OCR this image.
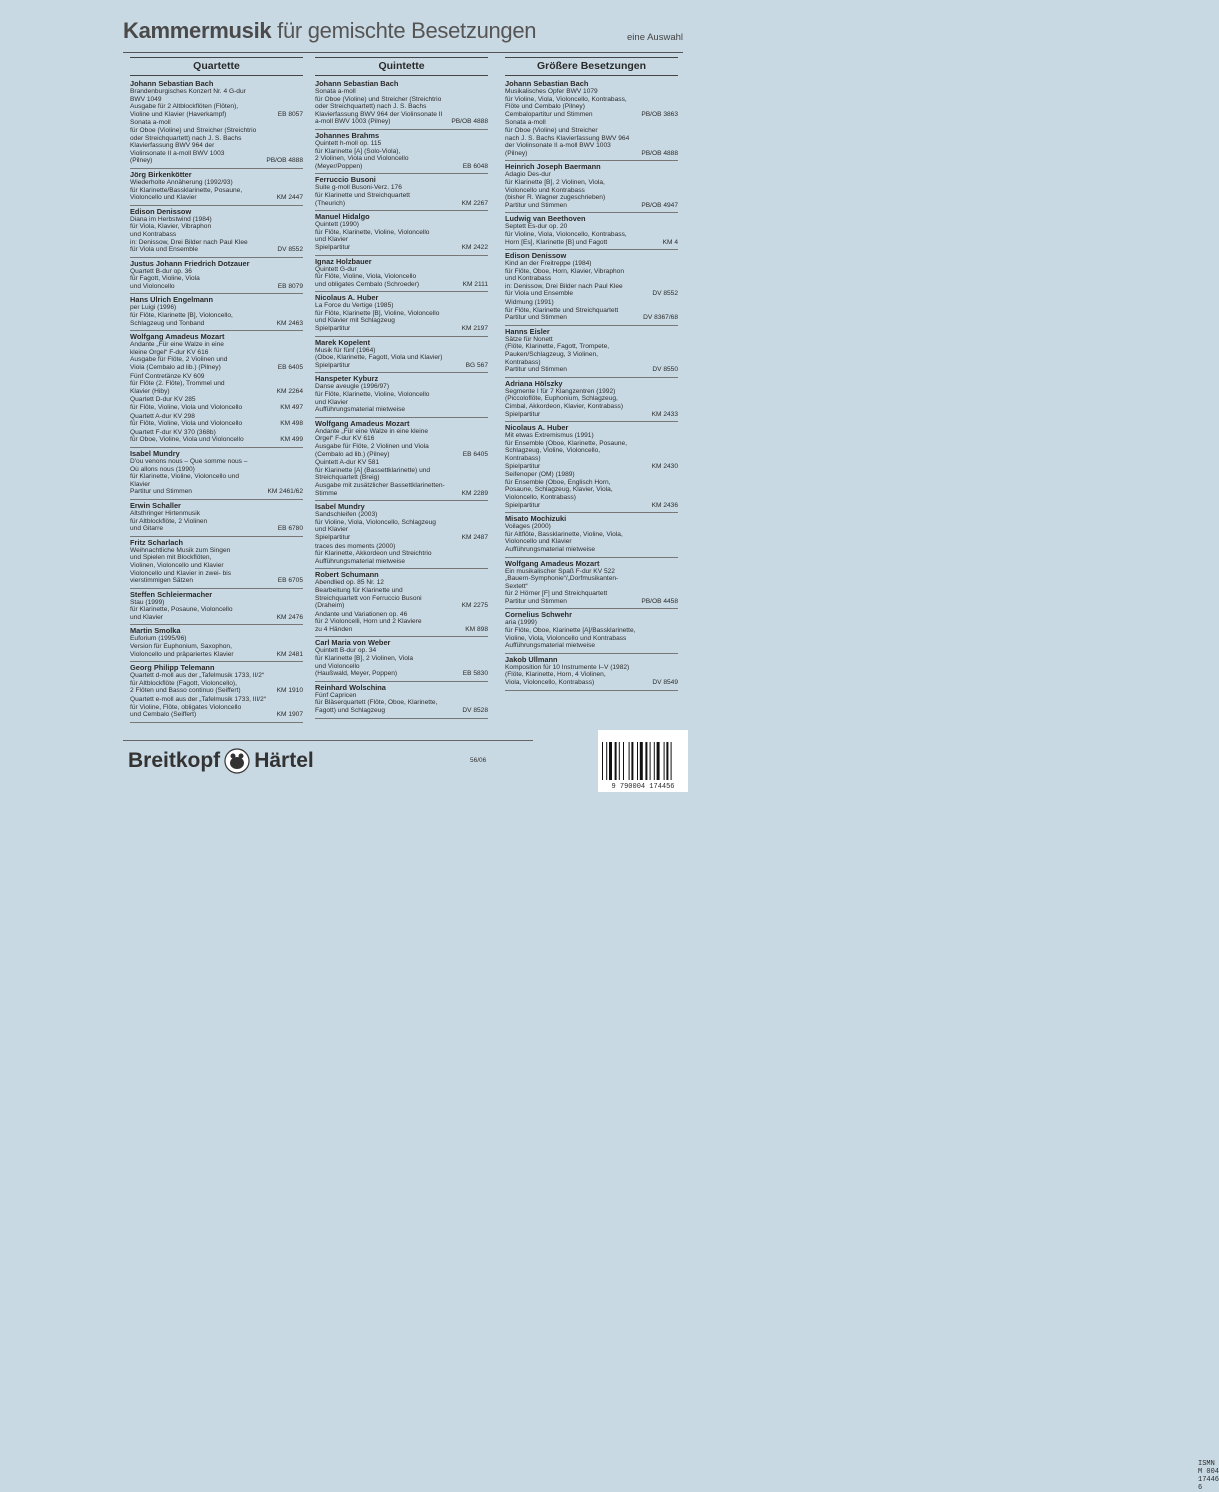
Kammermusik für gemischte Besetzungen	eine Auswahl
Quartette
Johann Sebastian Bach
Brandenburgisches Konzert Nr. 4 G-dur
BWV 1049
Ausgabe für 2 Altblockflöten (Flöten),
Violine und Klavier (Haverkampf)	EB 8057
Sonata a-moll
für Oboe (Violine) und Streicher (Streichtrio
oder Streichquartett) nach J. S. Bachs
Klavierfassung BWV 964 der
Violinsonate II a-moll BWV 1003
(Pilney)	PB/OB 4888
Jörg Birkenkötter
Wiederholte Annäherung (1992/93)
für Klarinette/Bassklarinette, Posaune,
Violoncello und Klavier	KM 2447
Edison Denissow
Diana im Herbstwind (1984)
für Viola, Klavier, Vibraphon
und Kontrabass
in: Denissow, Drei Bilder nach Paul Klee
für Viola und Ensemble	DV 8552
Justus Johann Friedrich Dotzauer
Quartett B-dur op. 36
für Fagott, Violine, Viola
und Violoncello	EB 8079
Hans Ulrich Engelmann
per Luigi (1996)
für Flöte, Klarinette [B], Violoncello,
Schlagzeug und Tonband	KM 2463
Wolfgang Amadeus Mozart
Andante „Für eine Walze in eine
kleine Orgel“ F-dur KV 616
Ausgabe für Flöte, 2 Violinen und
Viola (Cembalo ad lib.) (Pilney)	EB 6405
Fünf Contretänze KV 609
für Flöte (2. Flöte), Trommel und
Klavier (Hiby)	KM 2264
Quartett D-dur KV 285
für Flöte, Violine, Viola und Violoncello	KM 497
Quartett A-dur KV 298
für Flöte, Violine, Viola und Violoncello	KM 498
Quartett F-dur KV 370 (368b)
für Oboe, Violine, Viola und Violoncello	KM 499
Isabel Mundry
D'ou venons nous – Que somme nous –
Où allons nous (1990)
für Klarinette, Violine, Violoncello und
Klavier
Partitur und Stimmen	KM 2461/62
Erwin Schaller
Altsthringer Hirtenmusik
für Altblockflöte, 2 Violinen
und Gitarre	EB 6780
Fritz Scharlach
Weihnachtliche Musik zum Singen
und Spielen mit Blockflöten,
Violinen, Violoncello und Klavier
Violoncello und Klavier in zwei- bis
vierstimmigen Sätzen	EB 6705
Steffen Schleiermacher
Stau (1999)
für Klarinette, Posaune, Violoncello
und Klavier	KM 2476
Martin Smolka
Euforium (1995/96)
Version für Euphonium, Saxophon,
Violoncello und präpariertes Klavier	KM 2481
Georg Philipp Telemann
Quartett d-moll aus der „Tafelmusik 1733, II/2“
für Altblockflöte (Fagott, Violoncello),
2 Flöten und Basso continuo (Seiffert)	KM 1910
Quartett e-moll aus der „Tafelmusik 1733, III/2“
für Violine, Flöte, obligates Violoncello
und Cembalo (Seiffert)	KM 1907
Quintette
Johann Sebastian Bach
Sonata a-moll
für Oboe (Violine) und Streicher (Streichtrio
oder Streichquartett) nach J. S. Bachs
Klavierfassung BWV 964 der Violinsonate II
a-moll BWV 1003 (Pilney)	PB/OB 4888
Johannes Brahms
Quintett h-moll op. 115
für Klarinette [A] (Solo-Viola),
2 Violinen, Viola und Violoncello
(Meyer/Poppen)	EB 6048
Ferruccio Busoni
Suite g-moll Busoni-Verz. 176
für Klarinette und Streichquartett
(Theurich)	KM 2267
Manuel Hidalgo
Quintett (1990)
für Flöte, Klarinette, Violine, Violoncello
und Klavier
Spielpartitur	KM 2422
Ignaz Holzbauer
Quintett G-dur
für Flöte, Violine, Viola, Violoncello
und obligates Cembalo (Schroeder)	KM 2111
Nicolaus A. Huber
La Force du Vertige (1985)
für Flöte, Klarinette [B], Violine, Violoncello
und Klavier mit Schlagzeug
Spielpartitur	KM 2197
Marek Kopelent
Musik für fünf (1964)
(Oboe, Klarinette, Fagott, Viola und Klavier)
Spielpartitur	BG 567
Hanspeter Kyburz
Danse aveugle (1996/97)
für Flöte, Klarinette, Violine, Violoncello
und Klavier
Aufführungsmaterial mietweise
Wolfgang Amadeus Mozart
Andante „Für eine Walze in eine kleine
Orgel“ F-dur KV 616
Ausgabe für Flöte, 2 Violinen und Viola
(Cembalo ad lib.) (Pilney)	EB 6405
Quintett A-dur KV 581
für Klarinette [A] (Bassettklarinette) und
Streichquartett (Breig)
Ausgabe mit zusätzlicher Bassettklarinetten-
Stimme	KM 2289
Isabel Mundry
Sandschleifen (2003)
für Violine, Viola, Violoncello, Schlagzeug
und Klavier
Spielpartitur	KM 2487
traces des moments (2000)
für Klarinette, Akkordeon und Streichtrio
Aufführungsmaterial mietweise
Robert Schumann
Abendlied op. 85 Nr. 12
Bearbeitung für Klarinette und
Streichquartett von Ferruccio Busoni
(Draheim)	KM 2275
Andante und Variationen op. 46
für 2 Violoncelli, Horn und 2 Klaviere
zu 4 Händen	KM 898
Carl Maria von Weber
Quintett B-dur op. 34
für Klarinette [B], 2 Violinen, Viola
und Violoncello
(Haußwald, Meyer, Poppen)	EB 5830
Reinhard Wolschina
Fünf Capricen
für Bläserquartett (Flöte, Oboe, Klarinette,
Fagott) und Schlagzeug	DV 8528
Größere Besetzungen
Johann Sebastian Bach
Musikalisches Opfer BWV 1079
für Violine, Viola, Violoncello, Kontrabass,
Flöte und Cembalo (Pilney)
Cembalopartitur und Stimmen	PB/OB 3863
Sonata a-moll
für Oboe (Violine) und Streicher
nach J. S. Bachs Klavierfassung BWV 964
der Violinsonate II a-moll BWV 1003
(Pilney)	PB/OB 4888
Heinrich Joseph Baermann
Adagio Des-dur
für Klarinette [B], 2 Violinen, Viola,
Violoncello und Kontrabass
(bisher R. Wagner zugeschrieben)
Partitur und Stimmen	PB/OB 4947
Ludwig van Beethoven
Septett Es-dur op. 20
für Violine, Viola, Violoncello, Kontrabass,
Horn [Es], Klarinette [B] und Fagott	KM 4
Edison Denissow
Kind an der Freitreppe (1984)
für Flöte, Oboe, Horn, Klavier, Vibraphon
und Kontrabass
in: Denissow, Drei Bilder nach Paul Klee
für Viola und Ensemble	DV 8552
Widmung (1991)
für Flöte, Klarinette und Streichquartett
Partitur und Stimmen	DV 8367/68
Hanns Eisler
Sätze für Nonett
(Flöte, Klarinette, Fagott, Trompete,
Pauken/Schlagzeug, 3 Violinen,
Kontrabass)
Partitur und Stimmen	DV 8550
Adriana Hölszky
Segmente I für 7 Klangzentren (1992)
(Piccoloflöte, Euphonium, Schlagzeug,
Cimbal, Akkordeon, Klavier, Kontrabass)
Spielpartitur	KM 2433
Nicolaus A. Huber
Mit etwas Extremismus (1991)
für Ensemble (Oboe, Klarinette, Posaune,
Schlagzeug, Violine, Violoncello,
Kontrabass)
Spielpartitur	KM 2430
Seifenoper (OM) (1989)
für Ensemble (Oboe, Englisch Horn,
Posaune, Schlagzeug, Klavier, Viola,
Violoncello, Kontrabass)
Spielpartitur	KM 2436
Misato Mochizuki
Voilages (2000)
für Altflöte, Bassklarinette, Violine, Viola,
Violoncello und Klavier
Aufführungsmaterial mietweise
Wolfgang Amadeus Mozart
Ein musikalischer Spaß F-dur KV 522
„Bauern-Symphonie“/„Dorfmusikanten-
Sextett“
für 2 Hörner [F] und Streichquartett
Partitur und Stimmen	PB/OB 4458
Cornelius Schwehr
aria (1999)
für Flöte, Oboe, Klarinette [A]/Bassklarinette,
Violine, Viola, Violoncello und Kontrabass
Aufführungsmaterial mietweise
Jakob Ullmann
Komposition für 10 Instrumente I–V (1982)
(Flöte, Klarinette, Horn, 4 Violinen,
Viola, Violoncello, Kontrabass)	DV 8549
Breitkopf Härtel	56/06
ISMN M 004 17446 6
9 790004 174456
